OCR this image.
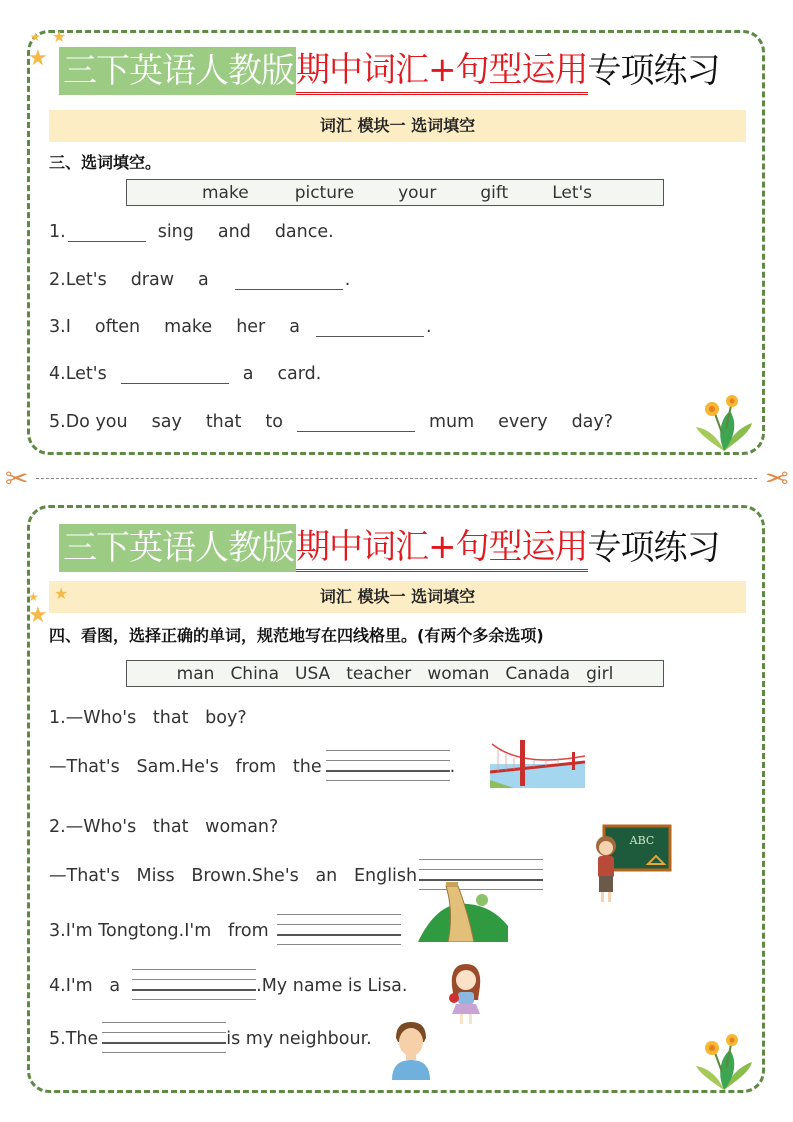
三下英语人教版 期中词汇+句型运用 专项练习
词汇 模块一 选词填空
三、选词填空。
make	picture	your	gift	Let's
1.	sing and dance.
2.Let's draw a	.
3.I often make her a	.
4.Let's	a card.
5.Do you say that to	mum every day?
★ ★
★
✂	✂
三下英语人教版 期中词汇+句型运用 专项练习
词汇 模块一 选词填空
四、看图，选择正确的单词，规范地写在四线格里。(有两个多余选项)
man China USA teacher woman Canada girl
1.—Who's   that   boy?
—That's   Sam.He's   from   the	.
2.—Who's   that   woman?
—That's   Miss   Brown.She's   an   English
3.I'm Tongtong.I'm   from
4.I'm   a	.My name is Lisa.
5.The	is my neighbour.
ABC
★ ★
★
